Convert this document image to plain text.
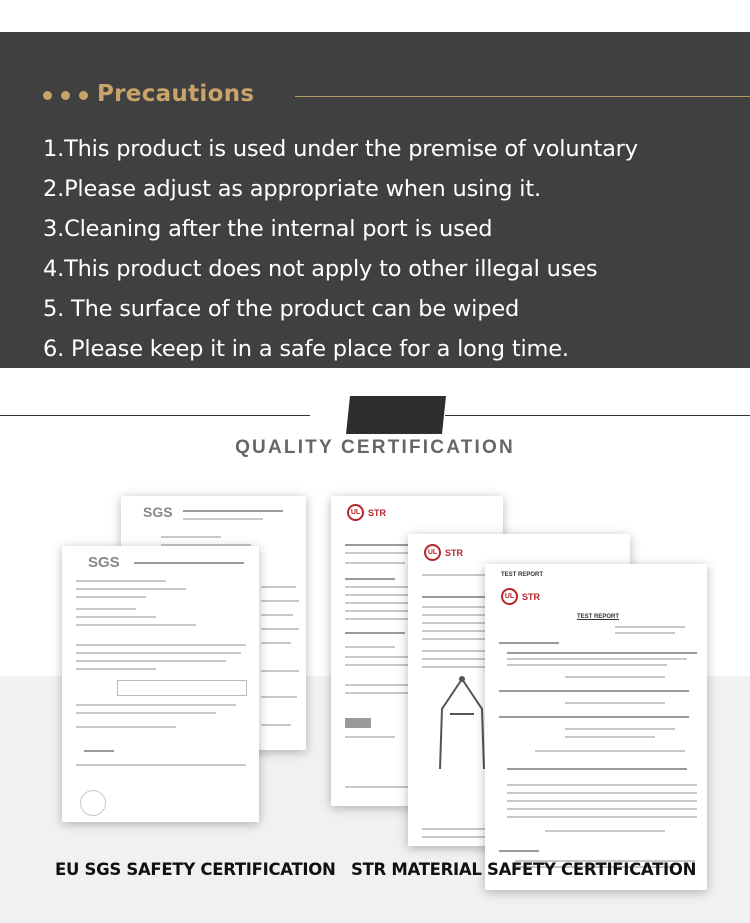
Precautions
1.This product is used under the premise of voluntary
2.Please adjust as appropriate when using it.
3.Cleaning after the internal port is used
4.This product does not apply to other illegal uses
5. The surface of the product can be wiped
6. Please keep it in a safe place for a long time.
QUALITY CERTIFICATION
SGS
SGS
UL STR
UL STR
TEST REPORT
UL STR
TEST REPORT
EU SGS SAFETY CERTIFICATION STR MATERIAL SAFETY CERTIFICATION
